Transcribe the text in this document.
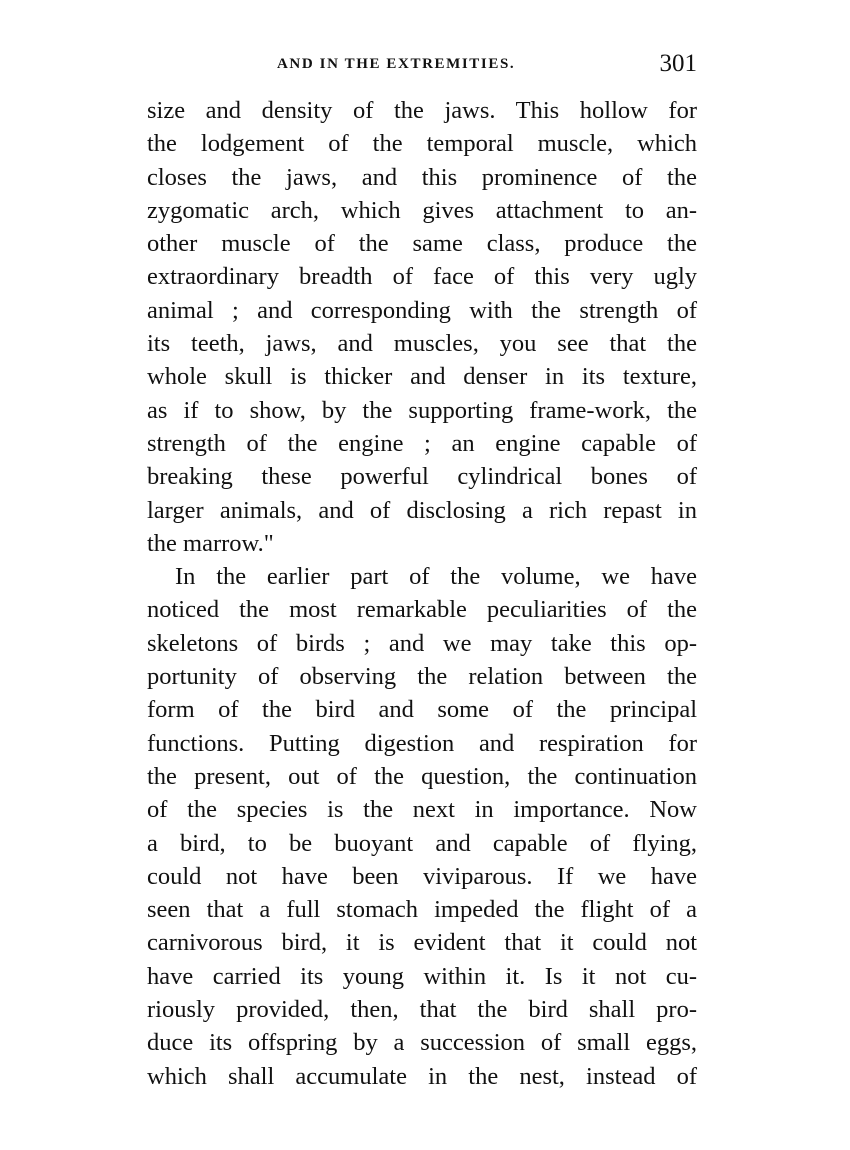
AND IN THE EXTREMITIES.	301
size and density of the jaws. This hollow for
the lodgement of the temporal muscle, which
closes the jaws, and this prominence of the
zygomatic arch, which gives attachment to an-
other muscle of the same class, produce the
extraordinary breadth of face of this very ugly
animal ; and corresponding with the strength of
its teeth, jaws, and muscles, you see that the
whole skull is thicker and denser in its texture,
as if to show, by the supporting frame-work, the
strength of the engine ; an engine capable of
breaking these powerful cylindrical bones of
larger animals, and of disclosing a rich repast in
the marrow."
In the earlier part of the volume, we have
noticed the most remarkable peculiarities of the
skeletons of birds ; and we may take this op-
portunity of observing the relation between the
form of the bird and some of the principal
functions. Putting digestion and respiration for
the present, out of the question, the continuation
of the species is the next in importance. Now
a bird, to be buoyant and capable of flying,
could not have been viviparous. If we have
seen that a full stomach impeded the flight of a
carnivorous bird, it is evident that it could not
have carried its young within it. Is it not cu-
riously provided, then, that the bird shall pro-
duce its offspring by a succession of small eggs,
which shall accumulate in the nest, instead of
